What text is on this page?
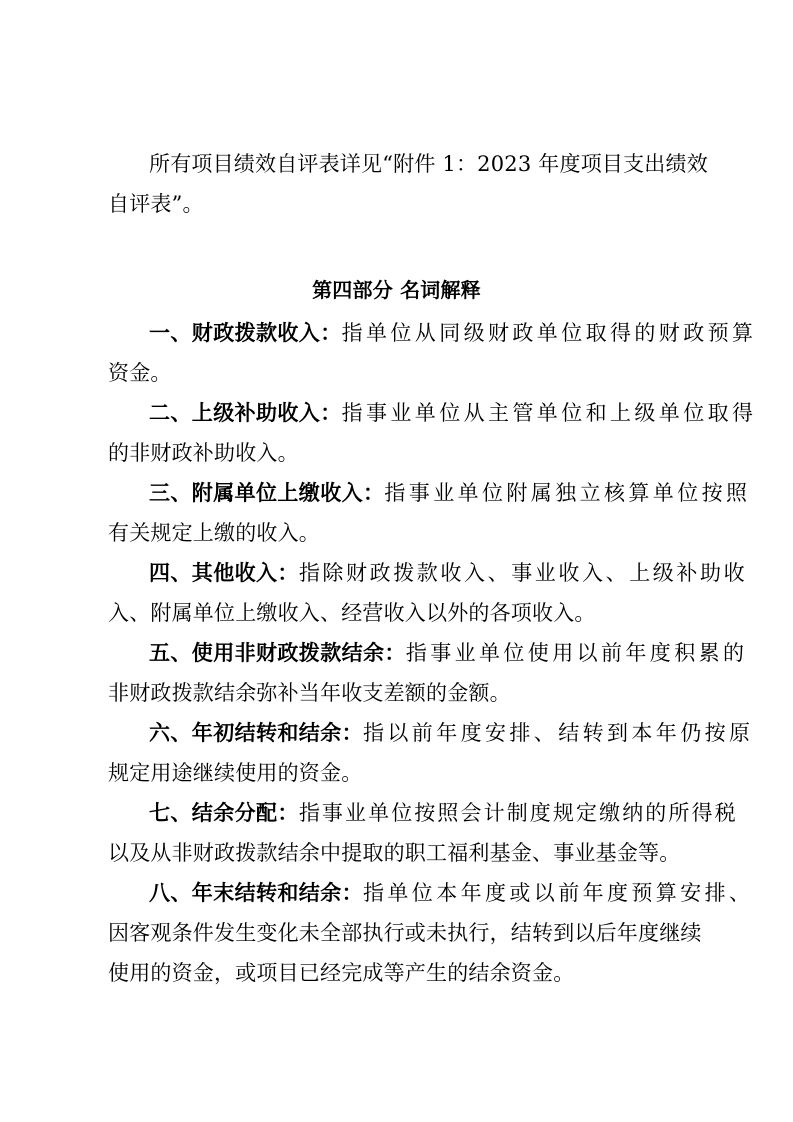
所有项目绩效自评表详见“附件 1：2023 年度项目支出绩效
自评表”。
第四部分 名词解释
一、财政拨款收入：指单位从同级财政单位取得的财政预算
资金。
二、上级补助收入：指事业单位从主管单位和上级单位取得
的非财政补助收入。
三、附属单位上缴收入：指事业单位附属独立核算单位按照
有关规定上缴的收入。
四、其他收入：指除财政拨款收入、事业收入、上级补助收
入、附属单位上缴收入、经营收入以外的各项收入。
五、使用非财政拨款结余：指事业单位使用以前年度积累的
非财政拨款结余弥补当年收支差额的金额。
六、年初结转和结余：指以前年度安排、结转到本年仍按原
规定用途继续使用的资金。
七、结余分配：指事业单位按照会计制度规定缴纳的所得税
以及从非财政拨款结余中提取的职工福利基金、事业基金等。
八、年末结转和结余：指单位本年度或以前年度预算安排、
因客观条件发生变化未全部执行或未执行，结转到以后年度继续
使用的资金，或项目已经完成等产生的结余资金。
